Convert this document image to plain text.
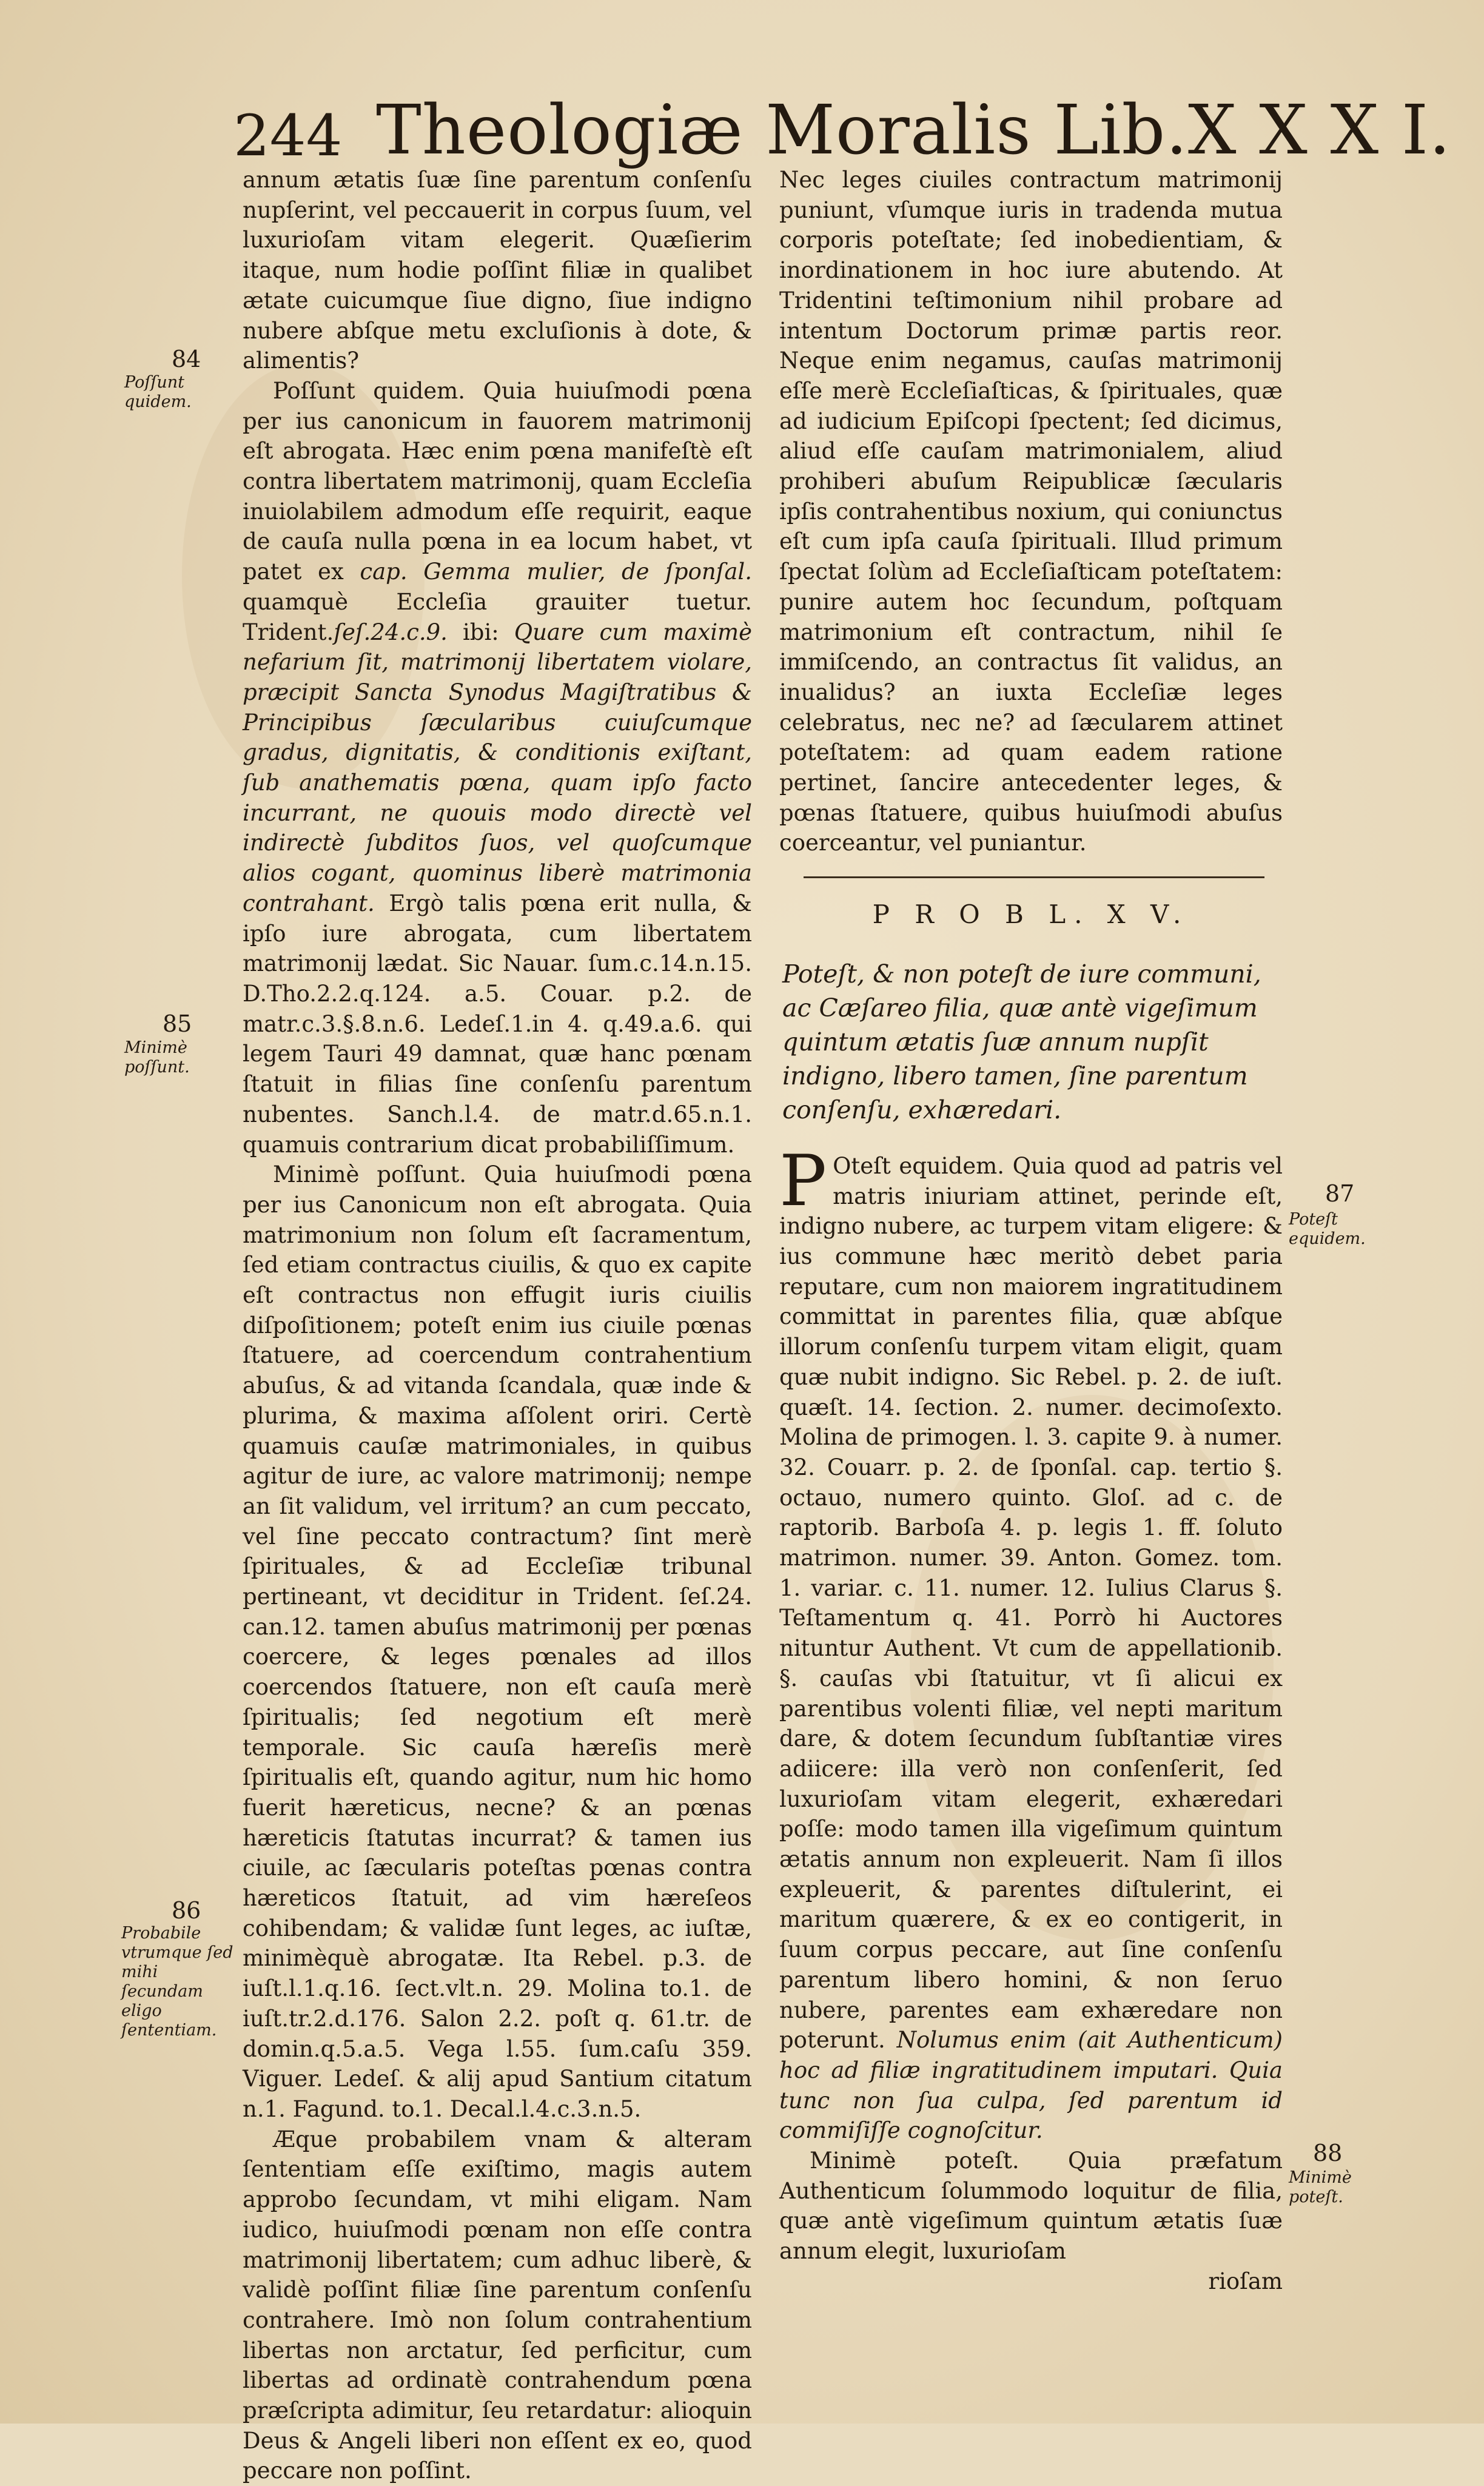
244 Theologiæ Moralis Lib.X X X I.
84
Poſſunt quidem.
85
Minimè poſſunt.
86
Probabile vtrumque ſed mihi ſecundam eligo ſententiam.
87
Poteſt equidem.
88
Minimè poteſt.

annum ætatis ſuæ ſine parentum conſenſu nupſerint, vel peccauerit in corpus ſuum, vel luxurioſam vitam elegerit. Quæſierim itaque, num hodie poſſint filiæ in qualibet ætate cuicumque ſiue digno, ſiue indigno nubere abſque metu excluſionis à dote, & alimentis?

Poſſunt quidem. Quia huiuſmodi pœna per ius canonicum in fauorem matrimonij eſt abrogata. Hæc enim pœna manifeſtè eſt contra libertatem matrimonij, quam Eccleſia inuiolabilem admodum eſſe requirit, eaque de cauſa nulla pœna in ea locum habet, vt patet ex cap. Gemma mulier, de ſponſal. quamquè Eccleſia grauiter tuetur. Trident.ſeſ.24.c.9. ibi: Quare cum maximè nefarium ſit, matrimonij libertatem violare, præcipit Sancta Synodus Magiſtratibus & Principibus ſæcularibus cuiuſcumque gradus, dignitatis, & conditionis exiſtant, ſub anathematis pœna, quam ipſo facto incurrant, ne quouis modo directè vel indirectè ſubditos ſuos, vel quoſcumque alios cogant, quominus liberè matrimonia contrahant. Ergò talis pœna erit nulla, & ipſo iure abrogata, cum libertatem matrimonij lædat. Sic Nauar. ſum.c.14.n.15. D.Tho.2.2.q.124. a.5. Couar. p.2. de matr.c.3.§.8.n.6. Ledeſ.1.in 4. q.49.a.6. qui legem Tauri 49 damnat, quæ hanc pœnam ſtatuit in filias ſine conſenſu parentum nubentes. Sanch.l.4. de matr.d.65.n.1. quamuis contrarium dicat probabiliſſimum.

Minimè poſſunt. Quia huiuſmodi pœna per ius Canonicum non eſt abrogata. Quia matrimonium non ſolum eſt ſacramentum, ſed etiam contractus ciuilis, & quo ex capite eſt contractus non effugit iuris ciuilis diſpoſitionem; poteſt enim ius ciuile pœnas ſtatuere, ad coercendum contrahentium abuſus, & ad vitanda ſcandala, quæ inde & plurima, & maxima aſſolent oriri. Certè quamuis cauſæ matrimoniales, in quibus agitur de iure, ac valore matrimonij; nempe an ſit validum, vel irritum? an cum peccato, vel ſine peccato contractum? ſint merè ſpirituales, & ad Eccleſiæ tribunal pertineant, vt deciditur in Trident. ſeſ.24. can.12. tamen abuſus matrimonij per pœnas coercere, & leges pœnales ad illos coercendos ſtatuere, non eſt cauſa merè ſpiritualis; ſed negotium eſt merè temporale. Sic cauſa hæreſis merè ſpiritualis eſt, quando agitur, num hic homo fuerit hæreticus, necne? & an pœnas hæreticis ſtatutas incurrat? & tamen ius ciuile, ac ſæcularis poteſtas pœnas contra hæreticos ſtatuit, ad vim hæreſeos cohibendam; & validæ ſunt leges, ac iuſtæ, minimèquè abrogatæ. Ita Rebel. p.3. de iuſt.l.1.q.16. ſect.vlt.n. 29. Molina to.1. de iuſt.tr.2.d.176. Salon 2.2. poſt q. 61.tr. de domin.q.5.a.5. Vega l.55. ſum.caſu 359. Viguer. Ledeſ. & alij apud Santium citatum n.1. Fagund. to.1. Decal.l.4.c.3.n.5.

Æque probabilem vnam & alteram ſententiam eſſe exiſtimo, magis autem approbo ſecundam, vt mihi eligam. Nam iudico, huiuſmodi pœnam non eſſe contra matrimonij libertatem; cum adhuc liberè, & validè poſſint filiæ ſine parentum conſenſu contrahere. Imò non ſolum contrahentium libertas non arctatur, ſed perficitur, cum libertas ad ordinatè contrahendum pœna præſcripta adimitur, ſeu retardatur: alioquin Deus & Angeli liberi non eſſent ex eo, quod peccare non poſſint.

Nec leges ciuiles contractum matrimonij puniunt, vſumque iuris in tradenda mutua corporis poteſtate; ſed inobedientiam, & inordinationem in hoc iure abutendo. At Tridentini teſtimonium nihil probare ad intentum Doctorum primæ partis reor. Neque enim negamus, cauſas matrimonij eſſe merè Eccleſiaſticas, & ſpirituales, quæ ad iudicium Epiſcopi ſpectent; ſed dicimus, aliud eſſe cauſam matrimonialem, aliud prohiberi abuſum Reipublicæ ſæcularis ipſis contrahentibus noxium, qui coniunctus eſt cum ipſa cauſa ſpirituali. Illud primum ſpectat ſolùm ad Eccleſiaſticam poteſtatem: punire autem hoc ſecundum, poſtquam matrimonium eſt contractum, nihil ſe immiſcendo, an contractus ſit validus, an inualidus? an iuxta Eccleſiæ leges celebratus, nec ne? ad ſæcularem attinet poteſtatem: ad quam eadem ratione pertinet, ſancire antecedenter leges, & pœnas ſtatuere, quibus huiuſmodi abuſus coerceantur, vel puniantur.

P R O B L. X V.
Poteſt, & non poteſt de iure communi, ac Cæſareo filia, quæ antè vigeſimum quintum ætatis ſuæ annum nupſit indigno, libero tamen, ſine parentum conſenſu, exhæredari.

P Oteſt equidem. Quia quod ad patris vel matris iniuriam attinet, perinde eſt, indigno nubere, ac turpem vitam eligere: & ius commune hæc meritò debet paria reputare, cum non maiorem ingratitudinem committat in parentes filia, quæ abſque illorum conſenſu turpem vitam eligit, quam quæ nubit indigno. Sic Rebel. p. 2. de iuſt. quæſt. 14. ſection. 2. numer. decimoſexto. Molina de primogen. l. 3. capite 9. à numer. 32. Couarr. p. 2. de ſponſal. cap. tertio §. octauo, numero quinto. Gloſ. ad c. de raptorib. Barboſa 4. p. legis 1. ff. ſoluto matrimon. numer. 39. Anton. Gomez. tom. 1. variar. c. 11. numer. 12. Iulius Clarus §. Teſtamentum q. 41. Porrò hi Auctores nituntur Authent. Vt cum de appellationib. §. cauſas vbi ſtatuitur, vt ſi alicui ex parentibus volenti filiæ, vel nepti maritum dare, & dotem ſecundum ſubſtantiæ vires adiicere: illa verò non conſenſerit, ſed luxurioſam vitam elegerit, exhæredari poſſe: modo tamen illa vigeſimum quintum ætatis annum non expleuerit. Nam ſi illos expleuerit, & parentes diſtulerint, ei maritum quærere, & ex eo contigerit, in ſuum corpus peccare, aut ſine conſenſu parentum libero homini, & non ſeruo nubere, parentes eam exhæredare non poterunt. Nolumus enim (ait Authenticum) hoc ad filiæ ingratitudinem imputari. Quia tunc non ſua culpa, ſed parentum id commiſiſſe cognoſcitur.

Minimè poteſt. Quia præfatum Authenticum ſolummodo loquitur de filia, quæ antè vigeſimum quintum ætatis ſuæ annum elegit, luxurioſam

rioſam
